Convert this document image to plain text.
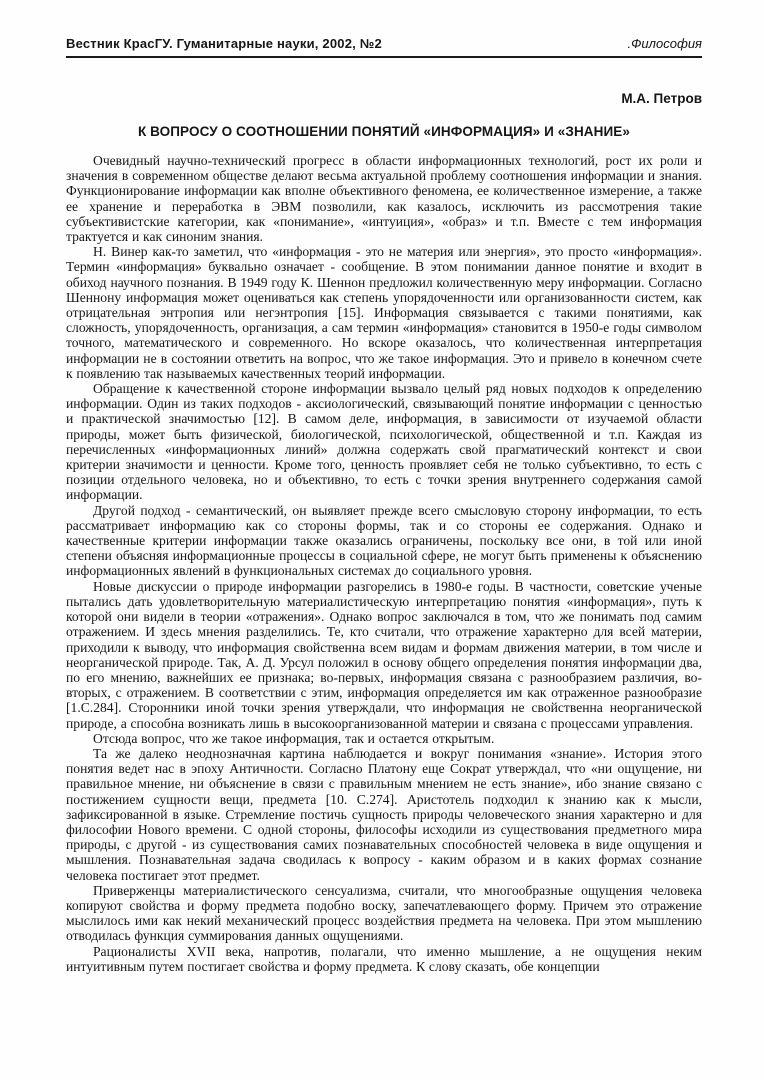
Вестник КрасГУ. Гуманитарные науки, 2002, №2	.Философия
М.А. Петров
К ВОПРОСУ О СООТНОШЕНИИ ПОНЯТИЙ «ИНФОРМАЦИЯ» И «ЗНАНИЕ»

Очевидный научно-технический прогресс в области информационных технологий, рост их роли и значения в современном обществе делают весьма актуальной проблему соотношения информации и знания. Функционирование информации как вполне объективного феномена, ее количественное измерение, а также ее хранение и переработка в ЭВМ позволили, как казалось, исключить из рассмотрения такие субъективистские категории, как «понимание», «интуиция», «образ» и т.п. Вместе с тем информация трактуется и как синоним знания.

Н. Винер как-то заметил, что «информация - это не материя или энергия», это просто «информация». Термин «информация» буквально означает - сообщение. В этом понимании данное понятие и входит в обиход научного познания. В 1949 году К. Шеннон предложил количественную меру информации. Согласно Шеннону информация может оцениваться как степень упорядоченности или организованности систем, как отрицательная энтропия или негэнтропия [15]. Информация связывается с такими понятиями, как сложность, упорядоченность, организация, а сам термин «информация» становится в 1950-е годы символом точного, математического и современного. Но вскоре оказалось, что количественная интерпретация информации не в состоянии ответить на вопрос, что же такое информация. Это и привело в конечном счете к появлению так называемых качественных теорий информации.

Обращение к качественной стороне информации вызвало целый ряд новых подходов к определению информации. Один из таких подходов - аксиологический, связывающий понятие информации с ценностью и практической значимостью [12]. В самом деле, информация, в зависимости от изучаемой области природы, может быть физической, биологической, психологической, общественной и т.п. Каждая из перечисленных «информационных линий» должна содержать свой прагматический контекст и свои критерии значимости и ценности. Кроме того, ценность проявляет себя не только субъективно, то есть с позиции отдельного человека, но и объективно, то есть с точки зрения внутреннего содержания самой информации.

Другой подход - семантический, он выявляет прежде всего смысловую сторону информации, то есть рассматривает информацию как со стороны формы, так и со стороны ее содержания. Однако и качественные критерии информации также оказались ограничены, поскольку все они, в той или иной степени объясняя информационные процессы в социальной сфере, не могут быть применены к объяснению информационных явлений в функциональных системах до социального уровня.

Новые дискуссии о природе информации разгорелись в 1980-е годы. В частности, советские ученые пытались дать удовлетворительную материалистическую интерпретацию понятия «информация», путь к которой они видели в теории «отражения». Однако вопрос заключался в том, что же понимать под самим отражением. И здесь мнения разделились. Те, кто считали, что отражение характерно для всей материи, приходили к выводу, что информация свойственна всем видам и формам движения материи, в том числе и неорганической природе. Так, А. Д. Урсул положил в основу общего определения понятия информации два, по его мнению, важнейших ее признака; во-первых, информация связана с разнообразием различия, во-вторых, с отражением. В соответствии с этим, информация определяется им как отраженное разнообразие [1.С.284]. Сторонники иной точки зрения утверждали, что информация не свойственна неорганической природе, а способна возникать лишь в высокоорганизованной материи и связана с процессами управления.

Отсюда вопрос, что же такое информация, так и остается открытым.

Та же далеко неоднозначная картина наблюдается и вокруг понимания «знание». История этого понятия ведет нас в эпоху Античности. Согласно Платону еще Сократ утверждал, что «ни ощущение, ни правильное мнение, ни объяснение в связи с правильным мнением не есть знание», ибо знание связано с постижением сущности вещи, предмета [10. С.274]. Аристотель подходил к знанию как к мысли, зафиксированной в языке. Стремление постичь сущность природы человеческого знания характерно и для философии Нового времени. С одной стороны, философы исходили из существования предметного мира природы, с другой - из существования самих познавательных способностей человека в виде ощущения и мышления. Познавательная задача сводилась к вопросу - каким образом и в каких формах сознание человека постигает этот предмет.

Приверженцы материалистического сенсуализма, считали, что многообразные ощущения человека копируют свойства и форму предмета подобно воску, запечатлевающего форму. Причем это отражение мыслилось ими как некий механический процесс воздействия предмета на человека. При этом мышлению отводилась функция суммирования данных ощущениями.

Рационалисты XVII века, напротив, полагали, что именно мышление, а не ощущения неким интуитивным путем постигает свойства и форму предмета. К слову сказать, обе концепции
